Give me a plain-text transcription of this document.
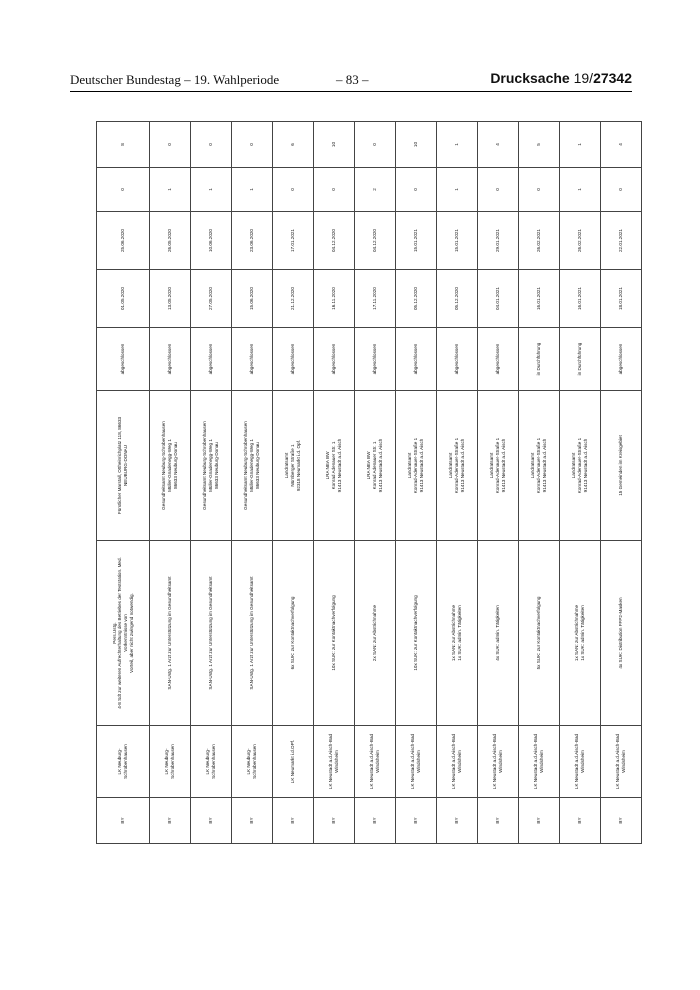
Deutscher Bundestag – 19. Wahlperiode	– 83 –	Drucksache 19/27342
BY	LK Neuburg- Schrobenhausen	Pers.Ustg. 4-8 Sdt zur weiteren Aufrechterhaltung des Betriebes der Teststation. Med. Vorkenntnisse von Vorteil, aber nicht zwingend notwendig.	Fürstlicher Marstall, Ottheinrichplatz 118, 86633 NEUBURG-DONAU	abgeschlossen	01.05.2020	25.06.2020	0	8
BY	LK Neuburg- Schrobenhausen	SAN-Ustg. 1 Arzt zur Unterstützung im Gesundheitsamt	Gesundheitsamt Neuburg-Schrobenhausen Müller-Gnadenegg-Weg 1 86633 Neuburg-Donau	abgeschlossen	13.05.2020	26.05.2020	1	0
BY	LK Neuburg- Schrobenhausen	SAN-Ustg. 1 Arzt zur Unterstützung im Gesundheitsamt	Gesundheitsamt Neuburg-Schrobenhausen Müller-Gnadenegg-Weg 1 86633 Neuburg-Donau	abgeschlossen	27.05.2020	10.06.2020	1	0
BY	LK Neuburg- Schrobenhausen	SAN-Ustg. 1 Arzt zur Unterstützung im Gesundheitsamt	Gesundheitsamt Neuburg-Schrobenhausen Müller-Gnadenegg-Weg 1 86633 Neuburg-Donau	abgeschlossen	15.06.2020	23.06.2020	1	0
BY	LK Neumarkt i.d.OPf.	6x SUK: zur Kontaktnachverfolgung	Landratsamt Nürnberger Straße 1 92318 Neumarkt i.d. Opf.	abgeschlossen	21.12.2020	17.01.2021	0	6
BY	LK Neustadt a.d.Aisch-Bad Windsheim	10x SUK: zur Kontaktnachverfolgung	LRA NEA BW Konrad Adenauer Str. 1 91413 Neustadt a.d. Aisch	abgeschlossen	16.11.2020	04.12.2020	0	10
BY	LK Neustadt a.d.Aisch-Bad Windsheim	2x SAN: zur Abstrichnahme	LRA NEA BW Konrad Adenauer Str. 1 91413 Neustadt a.d. Aisch	abgeschlossen	17.11.2020	04.12.2020	2	0
BY	LK Neustadt a.d.Aisch-Bad Windsheim	10x SUK: zur Kontaktnachverfolgung	Landratsamt Konrad-Adenauer-Straße 1 91413 Neustadt a.d. Aisch	abgeschlossen	05.12.2020	15.01.2021	0	10
BY	LK Neustadt a.d.Aisch-Bad Windsheim	1x SAN: zur Abstrichnahme 1x SUK: admin. Tätigkeiten	Landratsamt Konrad-Adenauer-Straße 1 91413 Neustadt a.d. Aisch	abgeschlossen	05.12.2020	15.01.2021	1	1
BY	LK Neustadt a.d.Aisch-Bad Windsheim	4x SUK: admin. Tätigkeiten	Landratsamt Konrad-Adenauer-Straße 1 91413 Neustadt a.d. Aisch	abgeschlossen	04.01.2021	29.01.2021	0	4
BY	LK Neustadt a.d.Aisch-Bad Windsheim	5x SUK: zur Kontaktnachverfolgung	Landratsamt Konrad-Adenauer-Straße 1 91413 Neustadt a.d. Aisch	in Durchführung	16.01.2021	26.02.2021	0	5
BY	LK Neustadt a.d.Aisch-Bad Windsheim	1x SAN: zur Abstrichnahme 1x SUK: admin. Tätigkeiten	Landratsamt Konrad-Adenauer-Straße 1 91413 Neustadt a.d. Aisch	in Durchführung	16.01.2021	26.02.2021	1	1
BY	LK Neustadt a.d.Aisch-Bad Windsheim	4x SUK: Distribution FFP2-Masken	15 Gemeinden im Kreisgebiet	abgeschlossen	18.01.2021	22.01.2021	0	4
